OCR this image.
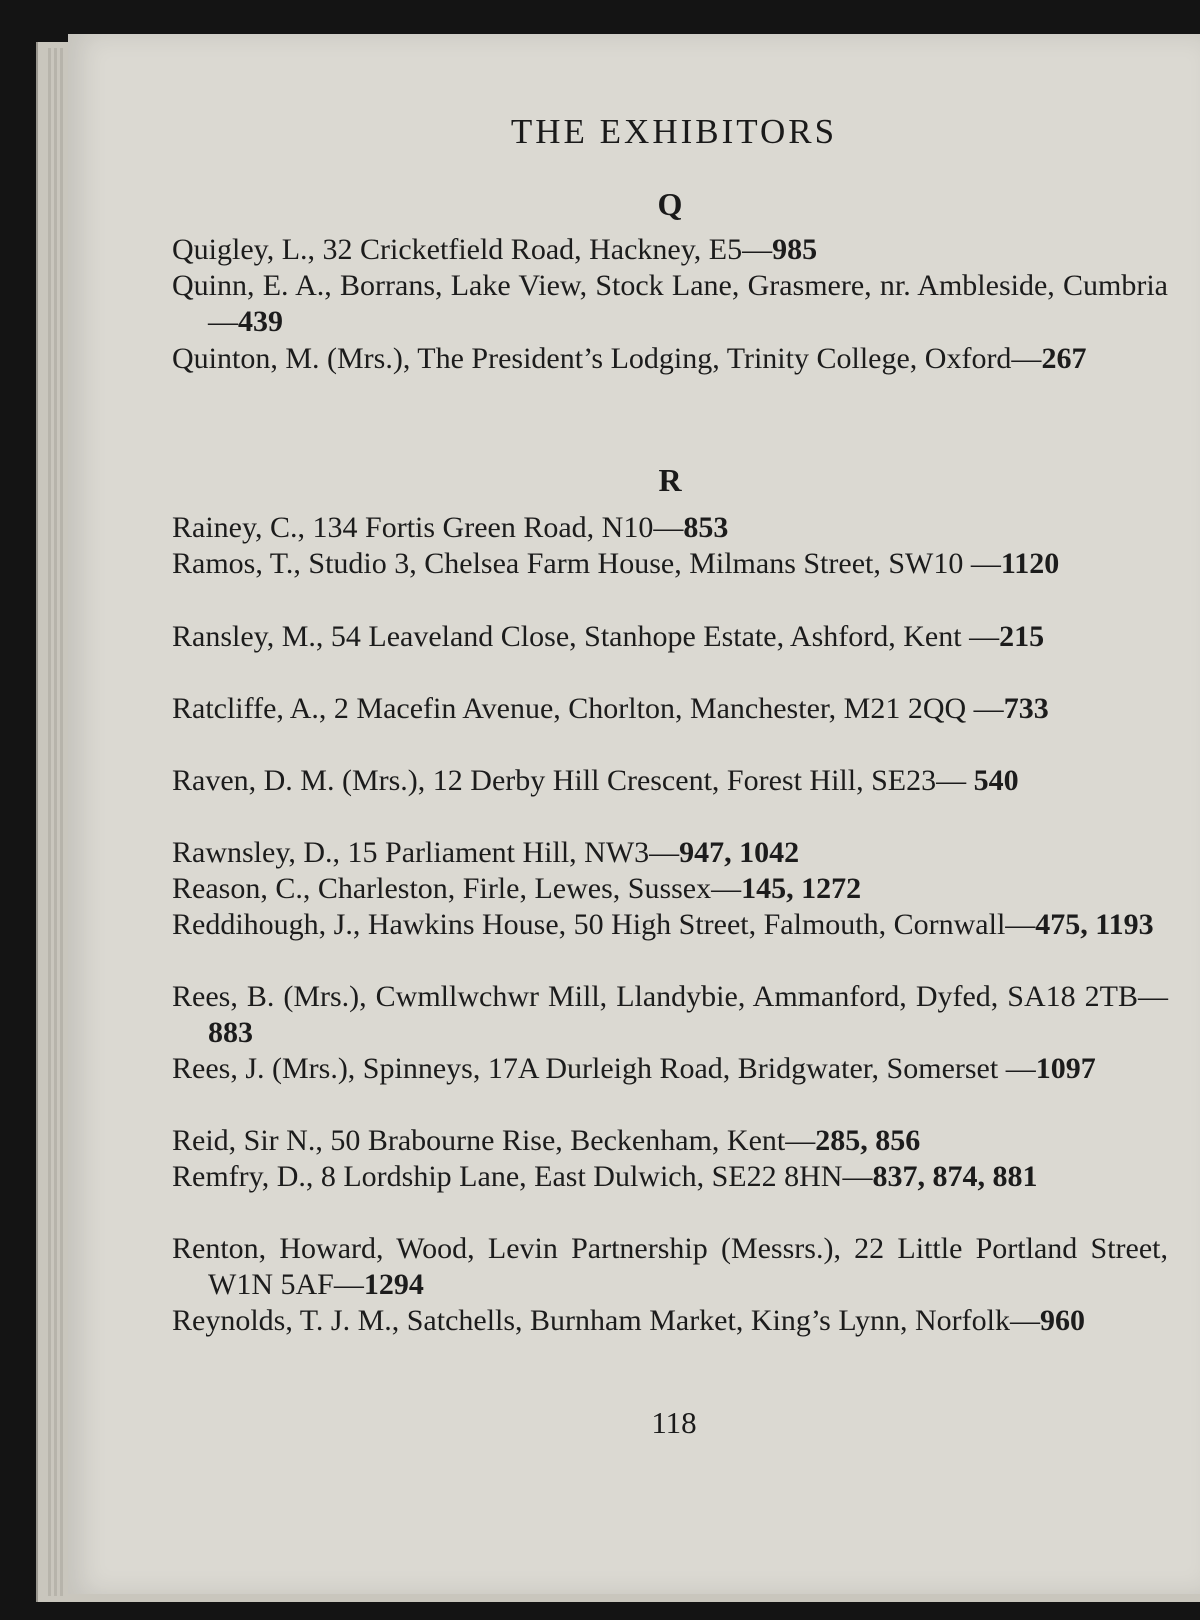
THE EXHIBITORS
Q
Quigley, L., 32 Cricketfield Road, Hackney, E5—985
Quinn, E. A., Borrans, Lake View, Stock Lane, Grasmere, nr. Ambleside, Cumbria—439
Quinton, M. (Mrs.), The President’s Lodging, Trinity College, Oxford—267
R
Rainey, C., 134 Fortis Green Road, N10—853
Ramos, T., Studio 3, Chelsea Farm House, Milmans Street, SW10 —1120
Ransley, M., 54 Leaveland Close, Stanhope Estate, Ashford, Kent —215
Ratcliffe, A., 2 Macefin Avenue, Chorlton, Manchester, M21 2QQ —733
Raven, D. M. (Mrs.), 12 Derby Hill Crescent, Forest Hill, SE23— 540
Rawnsley, D., 15 Parliament Hill, NW3—947, 1042
Reason, C., Charleston, Firle, Lewes, Sussex—145, 1272
Reddihough, J., Hawkins House, 50 High Street, Falmouth, Cornwall—475, 1193
Rees, B. (Mrs.), Cwmllwchwr Mill, Llandybie, Ammanford, Dyfed, SA18 2TB—883
Rees, J. (Mrs.), Spinneys, 17A Durleigh Road, Bridgwater, Somerset —1097
Reid, Sir N., 50 Brabourne Rise, Beckenham, Kent—285, 856
Remfry, D., 8 Lordship Lane, East Dulwich, SE22 8HN—837, 874, 881
Renton, Howard, Wood, Levin Partnership (Messrs.), 22 Little Portland Street, W1N 5AF—1294
Reynolds, T. J. M., Satchells, Burnham Market, King’s Lynn, Norfolk—960
118
